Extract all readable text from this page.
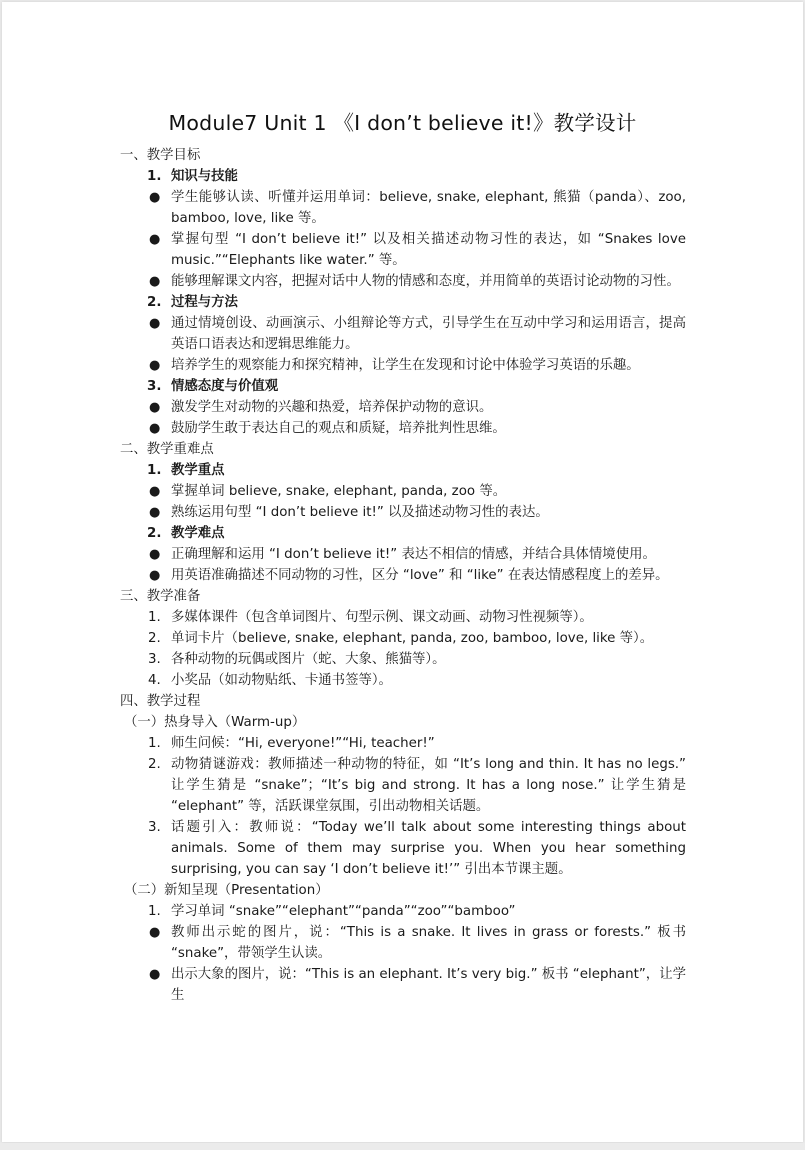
Module7 Unit 1 《I don’t believe it!》教学设计
一、教学目标
1. 知识与技能
● 学生能够认读、听懂并运用单词：believe, snake, elephant, 熊猫（panda）、zoo, bamboo, love, like 等。
● 掌握句型 “I don’t believe it!” 以及相关描述动物习性的表达，如 “Snakes love music.”“Elephants like water.” 等。
● 能够理解课文内容，把握对话中人物的情感和态度，并用简单的英语讨论动物的习性。
2. 过程与方法
● 通过情境创设、动画演示、小组辩论等方式，引导学生在互动中学习和运用语言，提高英语口语表达和逻辑思维能力。
● 培养学生的观察能力和探究精神，让学生在发现和讨论中体验学习英语的乐趣。
3. 情感态度与价值观
● 激发学生对动物的兴趣和热爱，培养保护动物的意识。
● 鼓励学生敢于表达自己的观点和质疑，培养批判性思维。
二、教学重难点
1. 教学重点
● 掌握单词 believe, snake, elephant, panda, zoo 等。
● 熟练运用句型 “I don’t believe it!” 以及描述动物习性的表达。
2. 教学难点
● 正确理解和运用 “I don’t believe it!” 表达不相信的情感，并结合具体情境使用。
● 用英语准确描述不同动物的习性，区分 “love” 和 “like” 在表达情感程度上的差异。
三、教学准备
1. 多媒体课件（包含单词图片、句型示例、课文动画、动物习性视频等）。
2. 单词卡片（believe, snake, elephant, panda, zoo, bamboo, love, like 等）。
3. 各种动物的玩偶或图片（蛇、大象、熊猫等）。
4. 小奖品（如动物贴纸、卡通书签等）。
四、教学过程
（一）热身导入（Warm-up）
1. 师生问候：“Hi, everyone!”“Hi, teacher!”
2. 动物猜谜游戏：教师描述一种动物的特征，如 “It’s long and thin. It has no legs.” 让学生猜是 “snake”；“It’s big and strong. It has a long nose.” 让学生猜是 “elephant” 等，活跃课堂氛围，引出动物相关话题。
3. 话题引入：教师说：“Today we’ll talk about some interesting things about animals. Some of them may surprise you. When you hear something surprising, you can say ‘I don’t believe it!’” 引出本节课主题。
（二）新知呈现（Presentation）
1. 学习单词 “snake”“elephant”“panda”“zoo”“bamboo”
● 教师出示蛇的图片，说：“This is a snake. It lives in grass or forests.” 板书 “snake”，带领学生认读。
● 出示大象的图片，说：“This is an elephant. It’s very big.” 板书 “elephant”，让学生
